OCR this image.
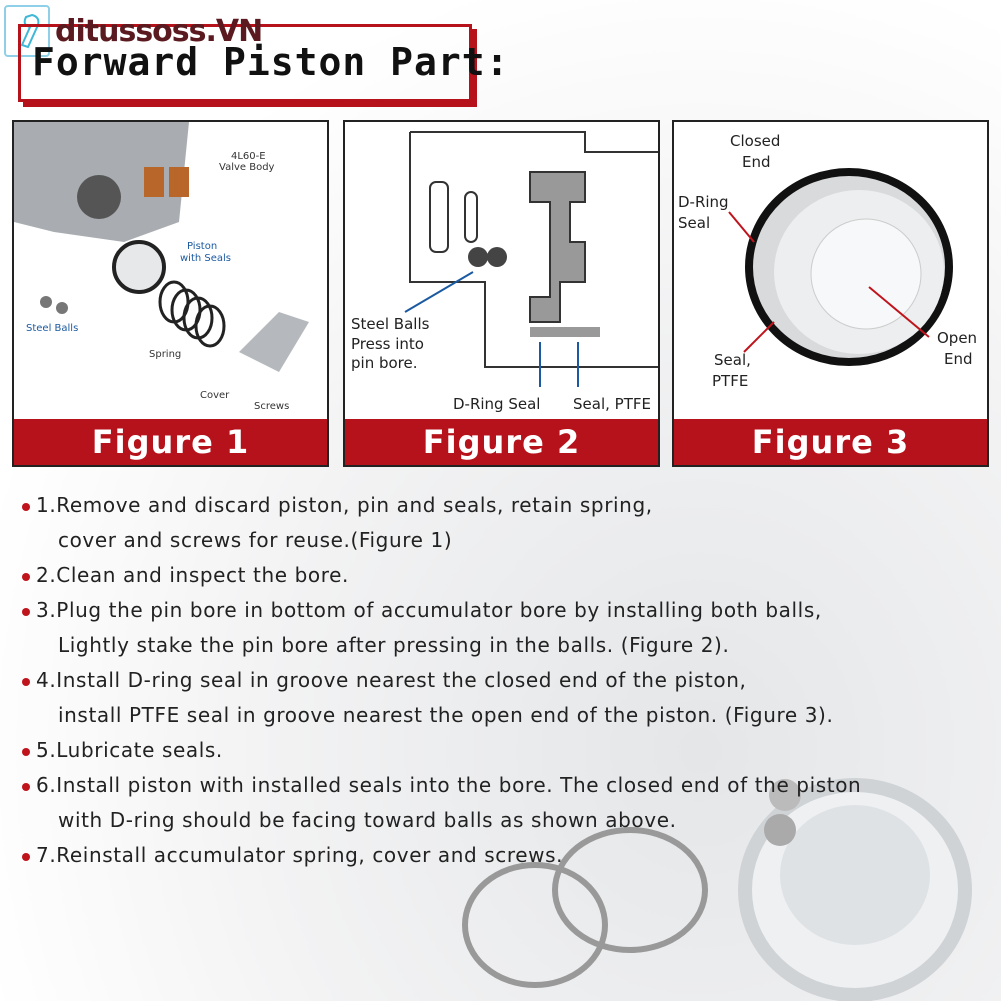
ditussoss.VN
Forward Piston Part:
4L60-E
Valve Body
Piston
with Seals
Steel Balls
Spring
Cover
Screws
Figure 1
Steel Balls
Press into
pin bore.
D-Ring Seal Seal, PTFE
Figure 2
Closed
End
D-Ring
Seal
Open
End
Seal,
PTFE
Figure 3
1.Remove and discard piston, pin and seals, retain spring,
cover and screws for reuse.(Figure 1)
2.Clean and inspect the bore.
3.Plug the pin bore in bottom of accumulator bore by installing both balls,
Lightly stake the pin bore after pressing in the balls. (Figure 2).
4.Install D-ring seal in groove nearest the closed end of the piston,
install PTFE seal in groove nearest the open end of the piston. (Figure 3).
5.Lubricate seals.
6.Install piston with installed seals into the bore. The closed end of the piston
with D-ring should be facing toward balls as shown above.
7.Reinstall accumulator spring, cover and screws.
